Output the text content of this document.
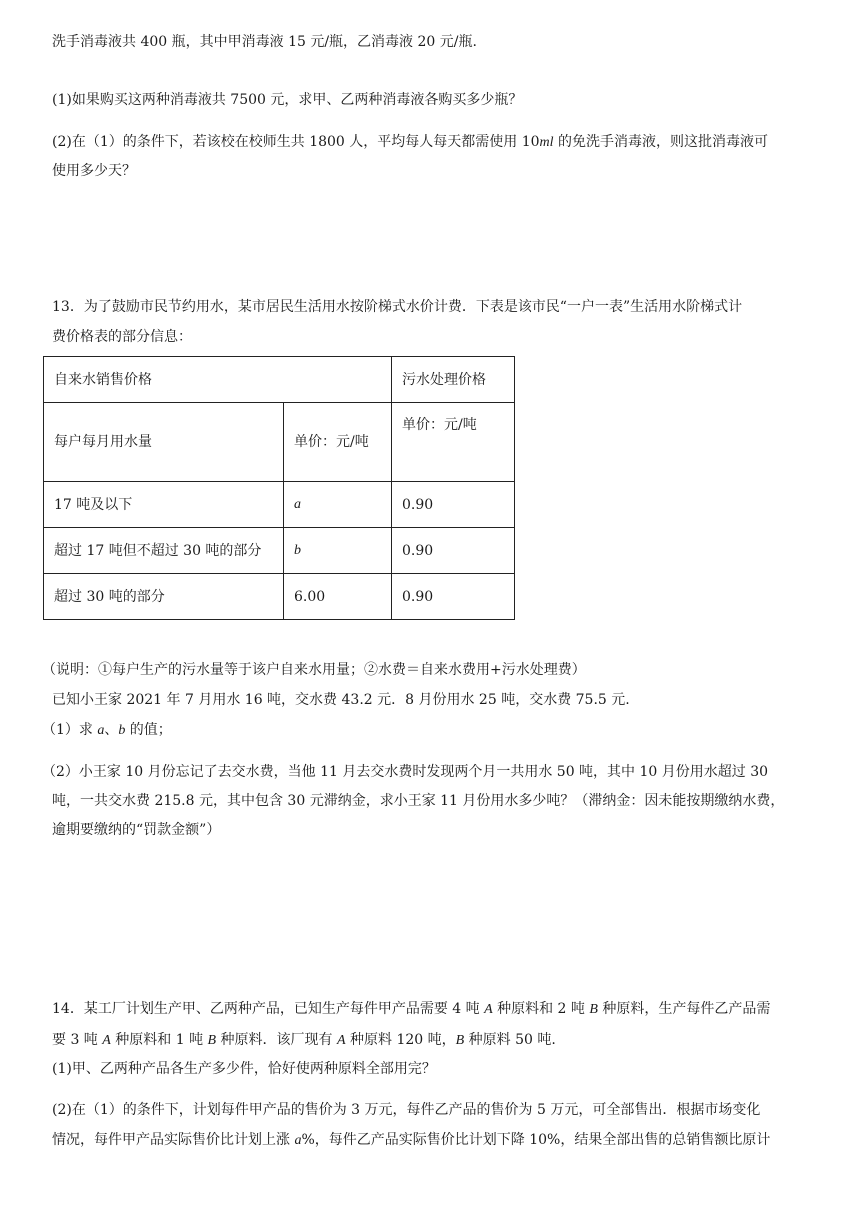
洗手消毒液共 400 瓶，其中甲消毒液 15 元/瓶，乙消毒液 20 元/瓶.
(1)如果购买这两种消毒液共 7500 元，求甲、乙两种消毒液各购买多少瓶？
(2)在（1）的条件下，若该校在校师生共 1800 人，平均每人每天都需使用 10ml 的免洗手消毒液，则这批消毒液可
使用多少天？
13．为了鼓励市民节约用水，某市居民生活用水按阶梯式水价计费．下表是该市民“一户一表”生活用水阶梯式计
费价格表的部分信息：
自来水销售价格		污水处理价格
每户每月用水量	单价：元/吨	单价：元/吨
17 吨及以下	a	0.90
超过 17 吨但不超过 30 吨的部分	b	0.90
超过 30 吨的部分	6.00	0.90
（说明：①每户生产的污水量等于该户自来水用量；②水费＝自来水费用+污水处理费）
已知小王家 2021 年 7 月用水 16 吨，交水费 43.2 元．8 月份用水 25 吨，交水费 75.5 元.
（1）求 a、b 的值；
（2）小王家 10 月份忘记了去交水费，当他 11 月去交水费时发现两个月一共用水 50 吨，其中 10 月份用水超过 30
吨，一共交水费 215.8 元，其中包含 30 元滞纳金，求小王家 11 月份用水多少吨？（滞纳金：因未能按期缴纳水费，
逾期要缴纳的“罚款金额”）
14．某工厂计划生产甲、乙两种产品，已知生产每件甲产品需要 4 吨 A 种原料和 2 吨 B 种原料，生产每件乙产品需
要 3 吨 A 种原料和 1 吨 B 种原料．该厂现有 A 种原料 120 吨，B 种原料 50 吨.
(1)甲、乙两种产品各生产多少件，恰好使两种原料全部用完？
(2)在（1）的条件下，计划每件甲产品的售价为 3 万元，每件乙产品的售价为 5 万元，可全部售出．根据市场变化
情况，每件甲产品实际售价比计划上涨 a%，每件乙产品实际售价比计划下降 10%，结果全部出售的总销售额比原计
